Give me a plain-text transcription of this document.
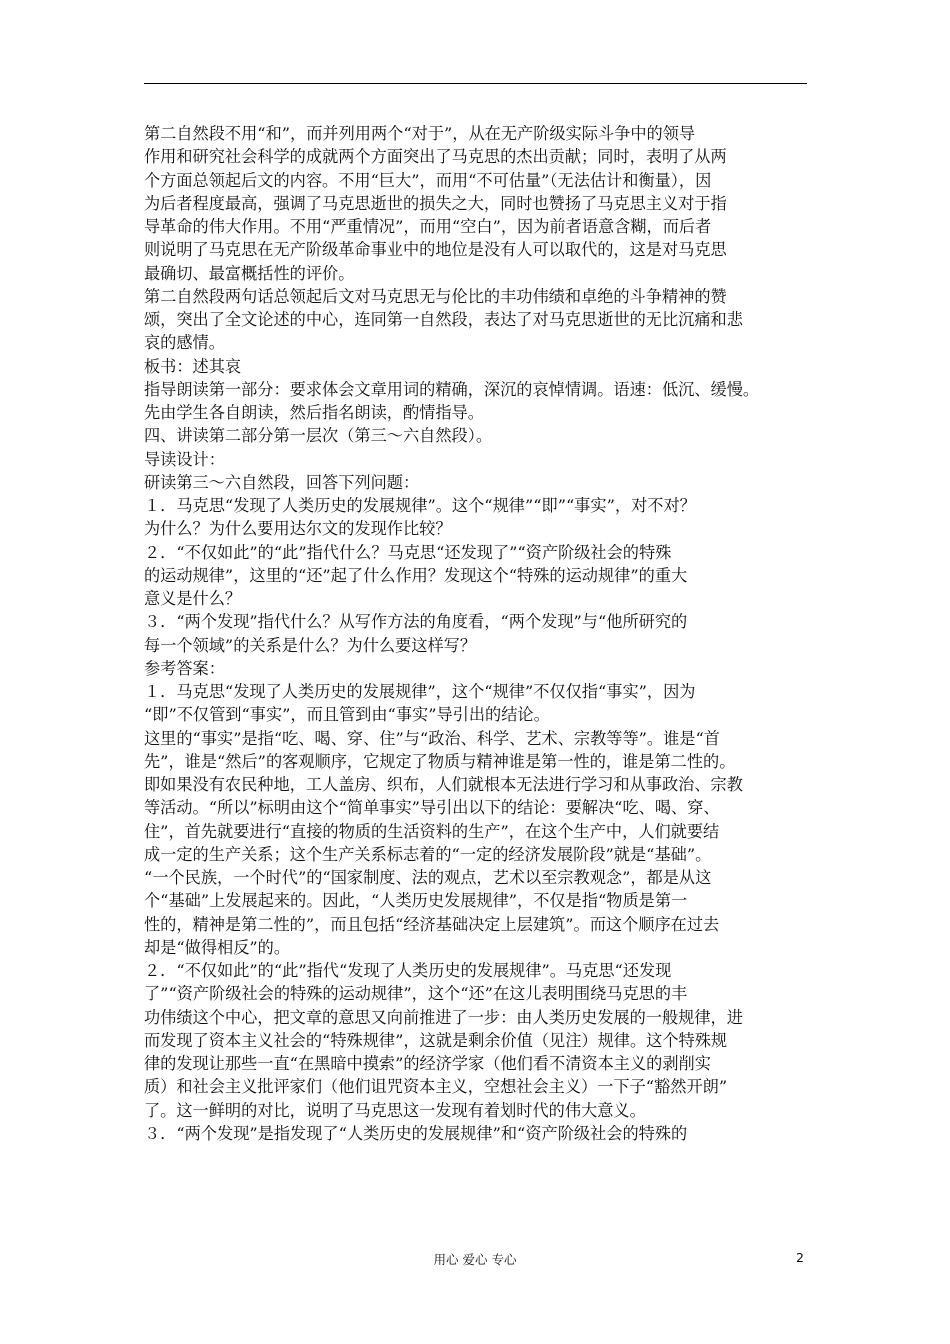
第二自然段不用“和”，而并列用两个“对于”，从在无产阶级实际斗争中的领导

作用和研究社会科学的成就两个方面突出了马克思的杰出贡献；同时，表明了从两

个方面总领起后文的内容。不用“巨大”，而用“不可估量”（无法估计和衡量），因

为后者程度最高，强调了马克思逝世的损失之大，同时也赞扬了马克思主义对于指

导革命的伟大作用。不用“严重情况”，而用“空白”，因为前者语意含糊，而后者

则说明了马克思在无产阶级革命事业中的地位是没有人可以取代的，这是对马克思

最确切、最富概括性的评价。

第二自然段两句话总领起后文对马克思无与伦比的丰功伟绩和卓绝的斗争精神的赞

颂，突出了全文论述的中心，连同第一自然段，表达了对马克思逝世的无比沉痛和悲

哀的感情。

板书：述其哀

指导朗读第一部分：要求体会文章用词的精确，深沉的哀悼情调。语速：低沉、缓慢。

先由学生各自朗读，然后指名朗读，酌情指导。

四、讲读第二部分第一层次（第三～六自然段）。

导读设计：

研读第三～六自然段，回答下列问题：

１．马克思“发现了人类历史的发展规律”。这个“规律”“即”“事实”，对不对？

为什么？为什么要用达尔文的发现作比较？

２．“不仅如此”的“此”指代什么？马克思“还发现了”“资产阶级社会的特殊

的运动规律”，这里的“还”起了什么作用？发现这个“特殊的运动规律”的重大

意义是什么？

３．“两个发现”指代什么？从写作方法的角度看，“两个发现”与“他所研究的

每一个领域”的关系是什么？为什么要这样写？

参考答案：

１．马克思“发现了人类历史的发展规律”，这个“规律”不仅仅指“事实”，因为

“即”不仅管到“事实”，而且管到由“事实”导引出的结论。

这里的“事实”是指“吃、喝、穿、住”与“政治、科学、艺术、宗教等等”。谁是“首

先”，谁是“然后”的客观顺序，它规定了物质与精神谁是第一性的，谁是第二性的。

即如果没有农民种地，工人盖房、织布，人们就根本无法进行学习和从事政治、宗教

等活动。“所以”标明由这个“简单事实”导引出以下的结论：要解决“吃、喝、穿、

住”，首先就要进行“直接的物质的生活资料的生产”，在这个生产中，人们就要结

成一定的生产关系；这个生产关系标志着的“一定的经济发展阶段”就是“基础”。

“一个民族，一个时代”的“国家制度、法的观点，艺术以至宗教观念”，都是从这

个“基础”上发展起来的。因此，“人类历史发展规律”，不仅是指“物质是第一

性的，精神是第二性的”，而且包括“经济基础决定上层建筑”。而这个顺序在过去

却是“做得相反”的。

２．“不仅如此”的“此”指代“发现了人类历史的发展规律”。马克思“还发现

了”“资产阶级社会的特殊的运动规律”，这个“还”在这儿表明围绕马克思的丰

功伟绩这个中心，把文章的意思又向前推进了一步：由人类历史发展的一般规律，进

而发现了资本主义社会的“特殊规律”，这就是剩余价值（见注）规律。这个特殊规

律的发现让那些一直“在黑暗中摸索”的经济学家（他们看不清资本主义的剥削实

质）和社会主义批评家们（他们诅咒资本主义，空想社会主义）一下子“豁然开朗”

了。这一鲜明的对比，说明了马克思这一发现有着划时代的伟大意义。

３．“两个发现”是指发现了“人类历史的发展规律”和“资产阶级社会的特殊的

用心 爱心 专心	2
